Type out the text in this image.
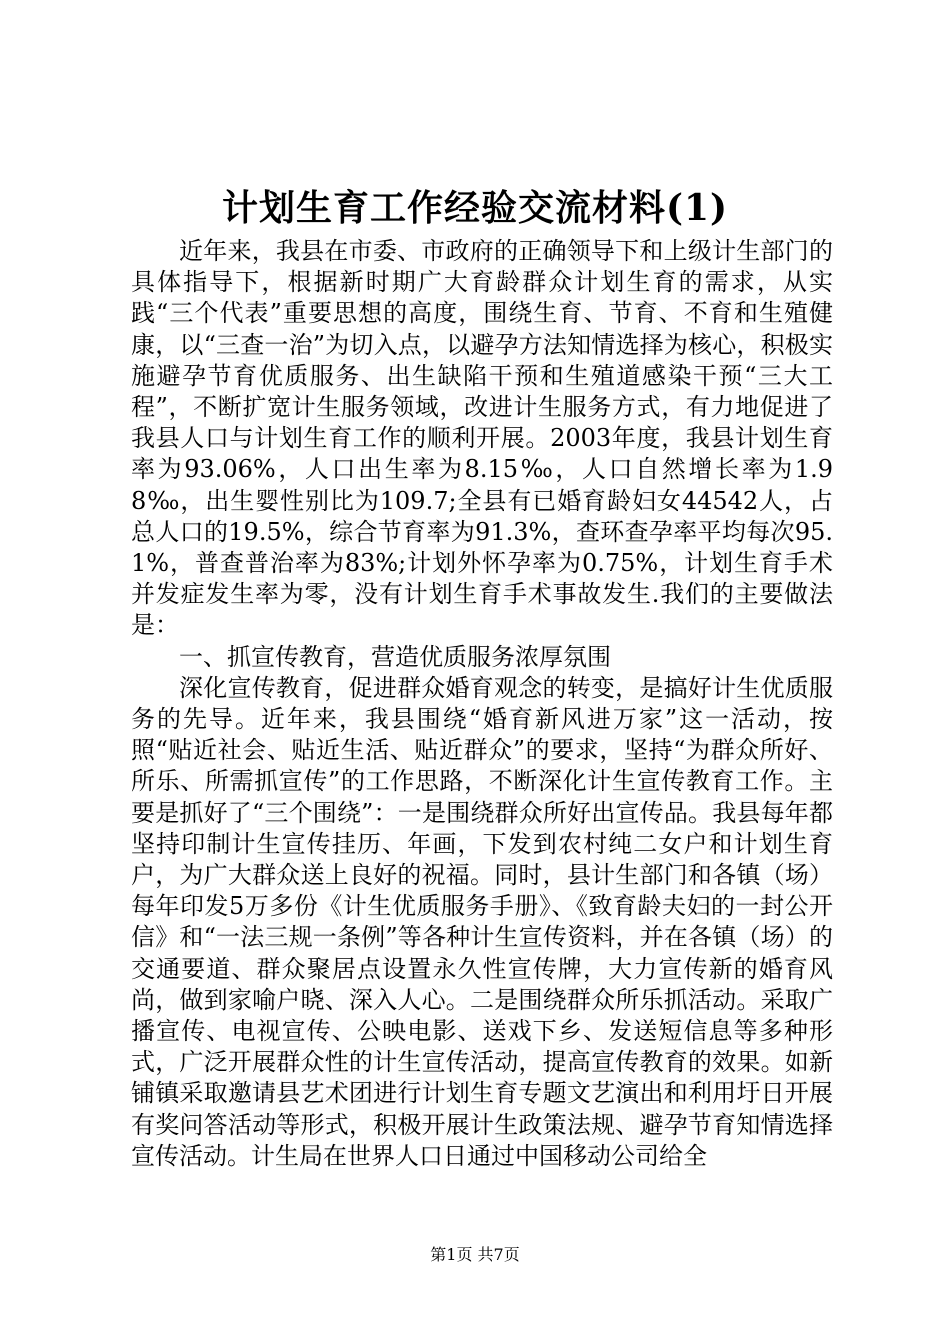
计划生育工作经验交流材料(1)

近年来，我县在市委、市政府的正确领导下和上级计生部门的具体指导下，根据新时期广大育龄群众计划生育的需求，从实践“三个代表”重要思想的高度，围绕生育、节育、不育和生殖健康，以“三查一治”为切入点，以避孕方法知情选择为核心，积极实施避孕节育优质服务、出生缺陷干预和生殖道感染干预“三大工程”，不断扩宽计生服务领域，改进计生服务方式，有力地促进了我县人口与计划生育工作的顺利开展。2003年度，我县计划生育率为93.06%，人口出生率为8.15‰，人口自然增长率为1.98‰，出生婴性别比为109.7;全县有已婚育龄妇女44542人，占总人口的19.5%，综合节育率为91.3%，查环查孕率平均每次95.1%，普查普治率为83%;计划外怀孕率为0.75%，计划生育手术并发症发生率为零，没有计划生育手术事故发生.我们的主要做法是：

一、抓宣传教育，营造优质服务浓厚氛围

深化宣传教育，促进群众婚育观念的转变，是搞好计生优质服务的先导。近年来，我县围绕“婚育新风进万家”这一活动，按照“贴近社会、贴近生活、贴近群众”的要求，坚持“为群众所好、所乐、所需抓宣传”的工作思路，不断深化计生宣传教育工作。主要是抓好了“三个围绕”：一是围绕群众所好出宣传品。我县每年都坚持印制计生宣传挂历、年画，下发到农村纯二女户和计划生育户，为广大群众送上良好的祝福。同时，县计生部门和各镇（场）每年印发5万多份《计生优质服务手册》、《致育龄夫妇的一封公开信》和“一法三规一条例”等各种计生宣传资料，并在各镇（场）的交通要道、群众聚居点设置永久性宣传牌，大力宣传新的婚育风尚，做到家喻户晓、深入人心。二是围绕群众所乐抓活动。采取广播宣传、电视宣传、公映电影、送戏下乡、发送短信息等多种形式，广泛开展群众性的计生宣传活动，提高宣传教育的效果。如新铺镇采取邀请县艺术团进行计划生育专题文艺演出和利用圩日开展有奖问答活动等形式，积极开展计生政策法规、避孕节育知情选择宣传活动。计生局在世界人口日通过中国移动公司给全

第1页 共7页
